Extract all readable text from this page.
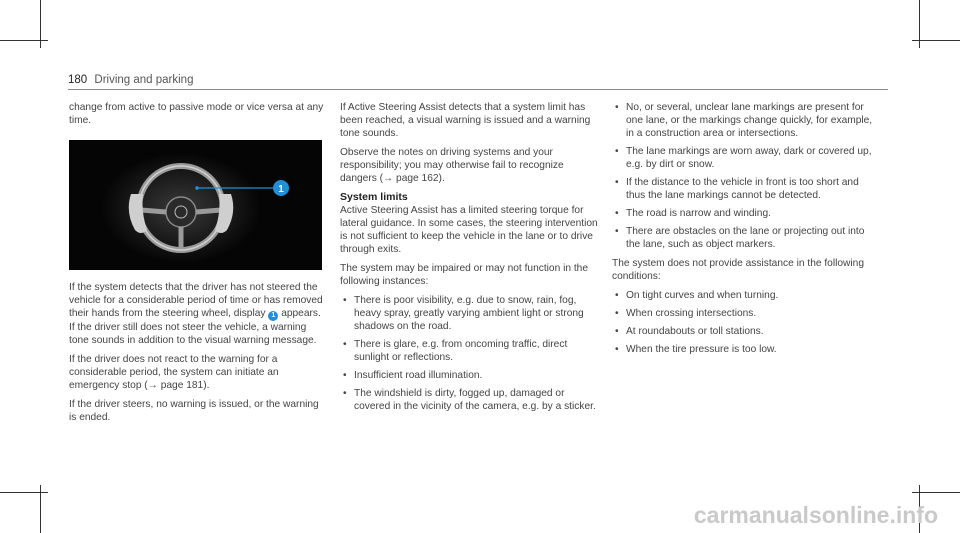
180 Driving and parking

change from active to passive mode or vice versa at any time.

1

If the system detects that the driver has not steered the vehicle for a considerable period of time or has removed their hands from the steering wheel, display 1 appears. If the driver still does not steer the vehicle, a warning tone sounds in addition to the visual warning message.

If the driver does not react to the warning for a considerable period, the system can initiate an emergency stop (→ page 181).

If the driver steers, no warning is issued, or the warning is ended.

If Active Steering Assist detects that a system limit has been reached, a visual warning is issued and a warning tone sounds.

Observe the notes on driving systems and your responsibility; you may otherwise fail to recognize dangers (→ page 162).

System limits

Active Steering Assist has a limited steering torque for lateral guidance. In some cases, the steering intervention is not sufficient to keep the vehicle in the lane or to drive through exits.

The system may be impaired or may not function in the following instances:

• There is poor visibility, e.g. due to snow, rain, fog, heavy spray, greatly varying ambient light or strong shadows on the road.
• There is glare, e.g. from oncoming traffic, direct sunlight or reflections.
• Insufficient road illumination.
• The windshield is dirty, fogged up, damaged or covered in the vicinity of the camera, e.g. by a sticker.
• No, or several, unclear lane markings are present for one lane, or the markings change quickly, for example, in a construction area or intersections.
• The lane markings are worn away, dark or covered up, e.g. by dirt or snow.
• If the distance to the vehicle in front is too short and thus the lane markings cannot be detected.
• The road is narrow and winding.
• There are obstacles on the lane or projecting out into the lane, such as object markers.

The system does not provide assistance in the following conditions:

• On tight curves and when turning.
• When crossing intersections.
• At roundabouts or toll stations.
• When the tire pressure is too low.
carmanualsonline.info
